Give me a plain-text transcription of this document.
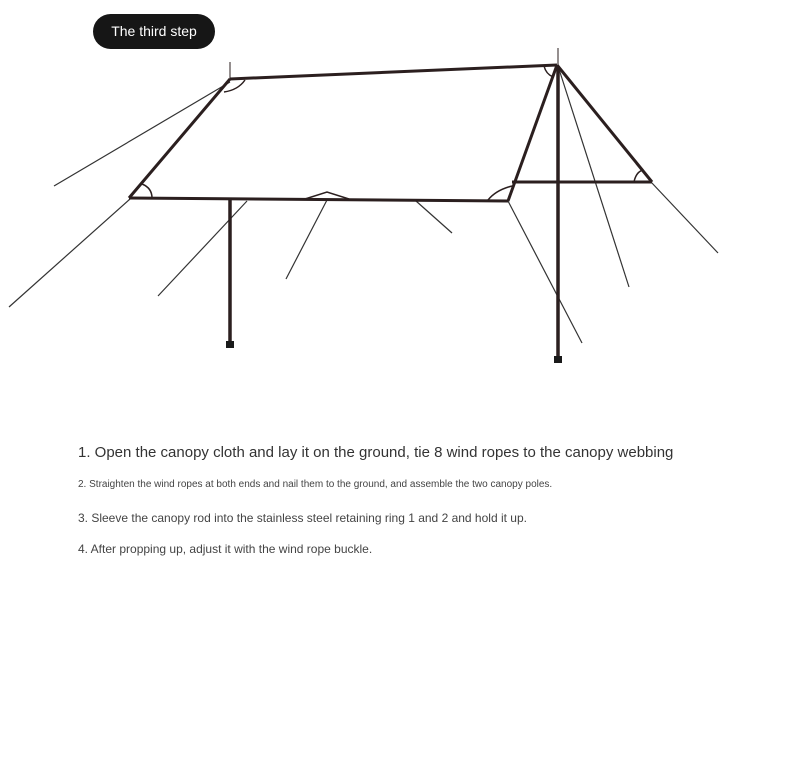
The third step
1. Open the canopy cloth and lay it on the ground, tie 8 wind ropes to the canopy webbing
2. Straighten the wind ropes at both ends and nail them to the ground, and assemble the two canopy poles.
3. Sleeve the canopy rod into the stainless steel retaining ring 1 and 2 and hold it up.
4. After propping up, adjust it with the wind rope buckle.
